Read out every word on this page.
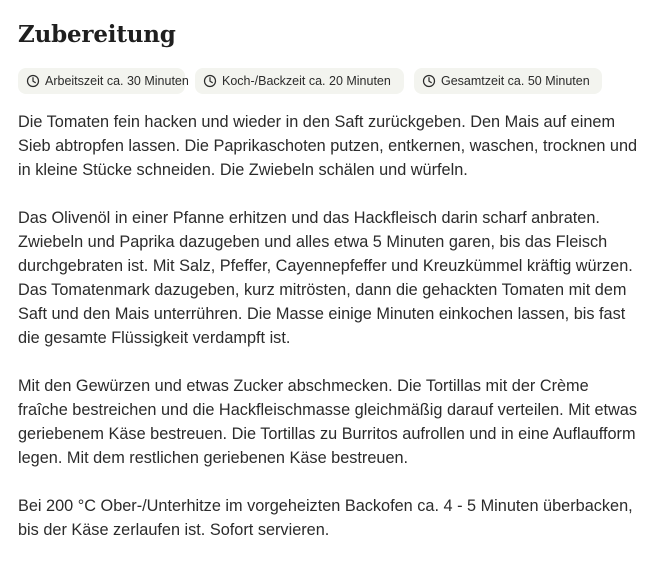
Zubereitung
Arbeitszeit ca. 30 Minuten	Koch-/Backzeit ca. 20 Minuten	Gesamtzeit ca. 50 Minuten

Die Tomaten fein hacken und wieder in den Saft zurückgeben. Den Mais auf einem Sieb abtropfen lassen. Die Paprikaschoten putzen, entkernen, waschen, trocknen und in kleine Stücke schneiden. Die Zwiebeln schälen und würfeln.

Das Olivenöl in einer Pfanne erhitzen und das Hackfleisch darin scharf anbraten. Zwiebeln und Paprika dazugeben und alles etwa 5 Minuten garen, bis das Fleisch durchgebraten ist. Mit Salz, Pfeffer, Cayennepfeffer und Kreuzkümmel kräftig würzen. Das Tomatenmark dazugeben, kurz mitrösten, dann die gehackten Tomaten mit dem Saft und den Mais unterrühren. Die Masse einige Minuten einkochen lassen, bis fast die gesamte Flüssigkeit verdampft ist.

Mit den Gewürzen und etwas Zucker abschmecken. Die Tortillas mit der Crème fraîche bestreichen und die Hackfleischmasse gleichmäßig darauf verteilen. Mit etwas geriebenem Käse bestreuen. Die Tortillas zu Burritos aufrollen und in eine Auflaufform legen. Mit dem restlichen geriebenen Käse bestreuen.

Bei 200 °C Ober-/Unterhitze im vorgeheizten Backofen ca. 4 - 5 Minuten überbacken, bis der Käse zerlaufen ist. Sofort servieren.
